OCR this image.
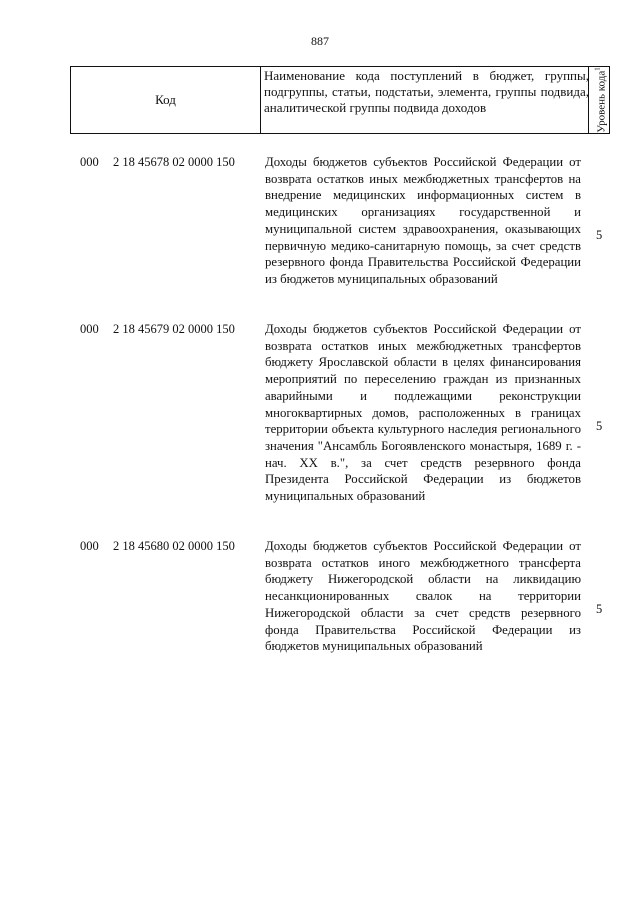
887
Код
Наименование кода поступлений в бюджет, группы, подгруппы, статьи, подстатьи, элемента, группы подвида, аналитической группы подвида доходов	Уровень кода$^1$
000 2 18 45678 02 0000 150 Доходы бюджетов субъектов Российской Федерации от возврата остатков иных межбюджетных трансфертов на внедрение медицинских информационных систем в медицинских организациях государственной и муниципальной систем здравоохранения, оказывающих первичную медико-санитарную помощь, за счет средств резервного фонда Правительства Российской Федерации из бюджетов муниципальных образований
5
000 2 18 45679 02 0000 150 Доходы бюджетов субъектов Российской Федерации от возврата остатков иных межбюджетных трансфертов бюджету Ярославской области в целях финансирования мероприятий по переселению граждан из признанных аварийными и подлежащими реконструкции многоквартирных домов, расположенных в границах территории объекта культурного наследия регионального значения "Ансамбль Богоявленского монастыря, 1689 г. - нач. XX в.", за счет средств резервного фонда Президента Российской Федерации из бюджетов муниципальных образований
5
000 2 18 45680 02 0000 150 Доходы бюджетов субъектов Российской Федерации от возврата остатков иного межбюджетного трансферта бюджету Нижегородской области на ликвидацию несанкционированных свалок на территории Нижегородской области за счет средств резервного фонда Правительства Российской Федерации из бюджетов муниципальных образований
5
